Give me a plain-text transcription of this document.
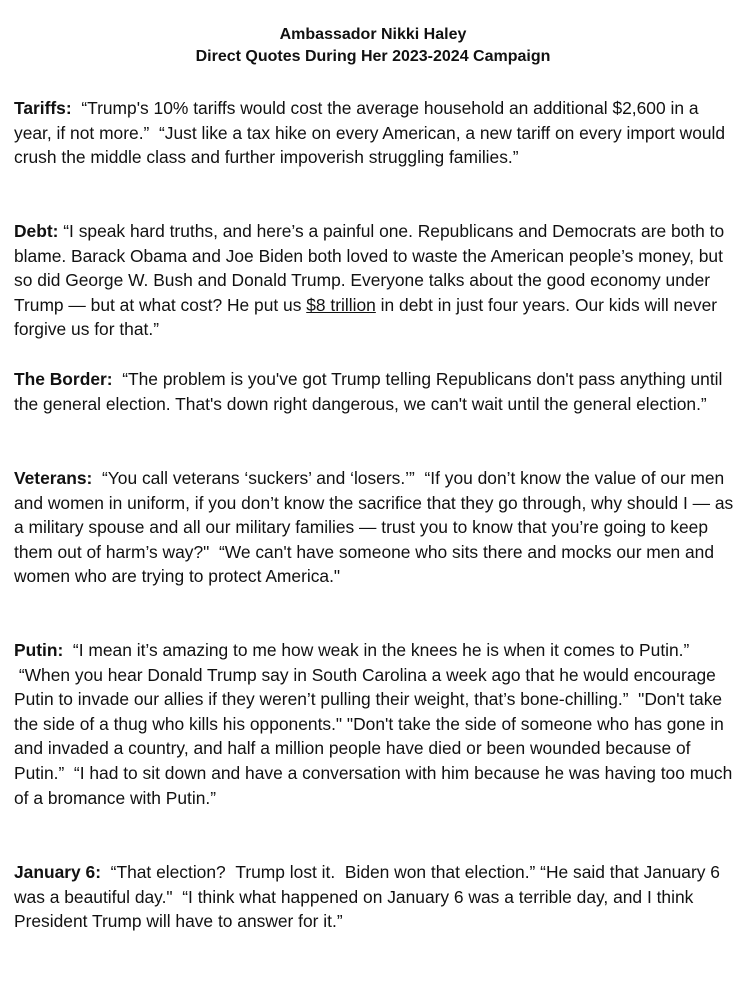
Ambassador Nikki Haley
Direct Quotes During Her 2023-2024 Campaign
Tariffs:  “Trump's 10% tariffs would cost the average household an additional $2,600 in a year, if not more.”  “Just like a tax hike on every American, a new tariff on every import would crush the middle class and further impoverish struggling families.”
Debt: “I speak hard truths, and here’s a painful one. Republicans and Democrats are both to blame. Barack Obama and Joe Biden both loved to waste the American people’s money, but so did George W. Bush and Donald Trump. Everyone talks about the good economy under Trump — but at what cost? He put us $8 trillion in debt in just four years. Our kids will never forgive us for that.”
The Border:  “The problem is you've got Trump telling Republicans don't pass anything until the general election. That's down right dangerous, we can't wait until the general election.”
Veterans:  “You call veterans ‘suckers’ and ‘losers.’”  “If you don’t know the value of our men and women in uniform, if you don’t know the sacrifice that they go through, why should I — as a military spouse and all our military families — trust you to know that you’re going to keep them out of harm’s way?"  “We can't have someone who sits there and mocks our men and women who are trying to protect America."
Putin:  “I mean it’s amazing to me how weak in the knees he is when it comes to Putin.”  “When you hear Donald Trump say in South Carolina a week ago that he would encourage Putin to invade our allies if they weren’t pulling their weight, that’s bone-chilling.”  "Don't take the side of a thug who kills his opponents." "Don't take the side of someone who has gone in and invaded a country, and half a million people have died or been wounded because of Putin.”  “I had to sit down and have a conversation with him because he was having too much of a bromance with Putin.”
January 6:  “That election?  Trump lost it.  Biden won that election.” “He said that January 6 was a beautiful day."  “I think what happened on January 6 was a terrible day, and I think President Trump will have to answer for it.”
